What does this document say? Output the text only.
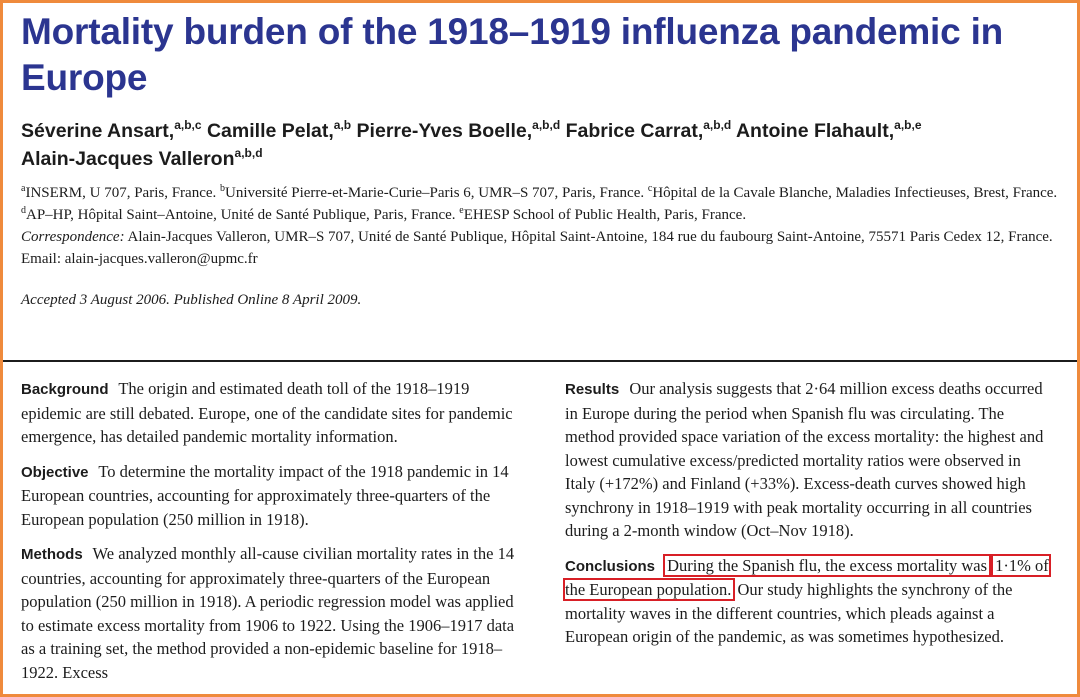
Mortality burden of the 1918–1919 influenza pandemic in Europe
Séverine Ansart,$^{a,b,c}$ Camille Pelat,$^{a,b}$ Pierre-Yves Boelle,$^{a,b,d}$ Fabrice Carrat,$^{a,b,d}$ Antoine Flahault,$^{a,b,e}$
Alain-Jacques Valleron$^{a,b,d}$
$^a$INSERM, U 707, Paris, France. $^b$Université Pierre-et-Marie-Curie–Paris 6, UMR–S 707, Paris, France. $^c$Hôpital de la Cavale Blanche, Maladies Infectieuses, Brest, France. $^d$AP–HP, Hôpital Saint–Antoine, Unité de Santé Publique, Paris, France. $^e$EHESP School of Public Health, Paris, France.
Correspondence: Alain-Jacques Valleron, UMR–S 707, Unité de Santé Publique, Hôpital Saint-Antoine, 184 rue du faubourg Saint-Antoine, 75571 Paris Cedex 12, France. Email: alain-jacques.valleron@upmc.fr
Accepted 3 August 2006. Published Online 8 April 2009.

Background The origin and estimated death toll of the 1918–1919 epidemic are still debated. Europe, one of the candidate sites for pandemic emergence, has detailed pandemic mortality information.

Objective To determine the mortality impact of the 1918 pandemic in 14 European countries, accounting for approximately three-quarters of the European population (250 million in 1918).

Methods We analyzed monthly all-cause civilian mortality rates in the 14 countries, accounting for approximately three-quarters of the European population (250 million in 1918). A periodic regression model was applied to estimate excess mortality from 1906 to 1922. Using the 1906–1917 data as a training set, the method provided a non-epidemic baseline for 1918–1922. Excess

Results Our analysis suggests that 2·64 million excess deaths occurred in Europe during the period when Spanish flu was circulating. The method provided space variation of the excess mortality: the highest and lowest cumulative excess/predicted mortality ratios were observed in Italy (+172%) and Finland (+33%). Excess-death curves showed high synchrony in 1918–1919 with peak mortality occurring in all countries during a 2-month window (Oct–Nov 1918).

Conclusions During the Spanish flu, the excess mortality was 1·1% of the European population. Our study highlights the synchrony of the mortality waves in the different countries, which pleads against a European origin of the pandemic, as was sometimes hypothesized.
